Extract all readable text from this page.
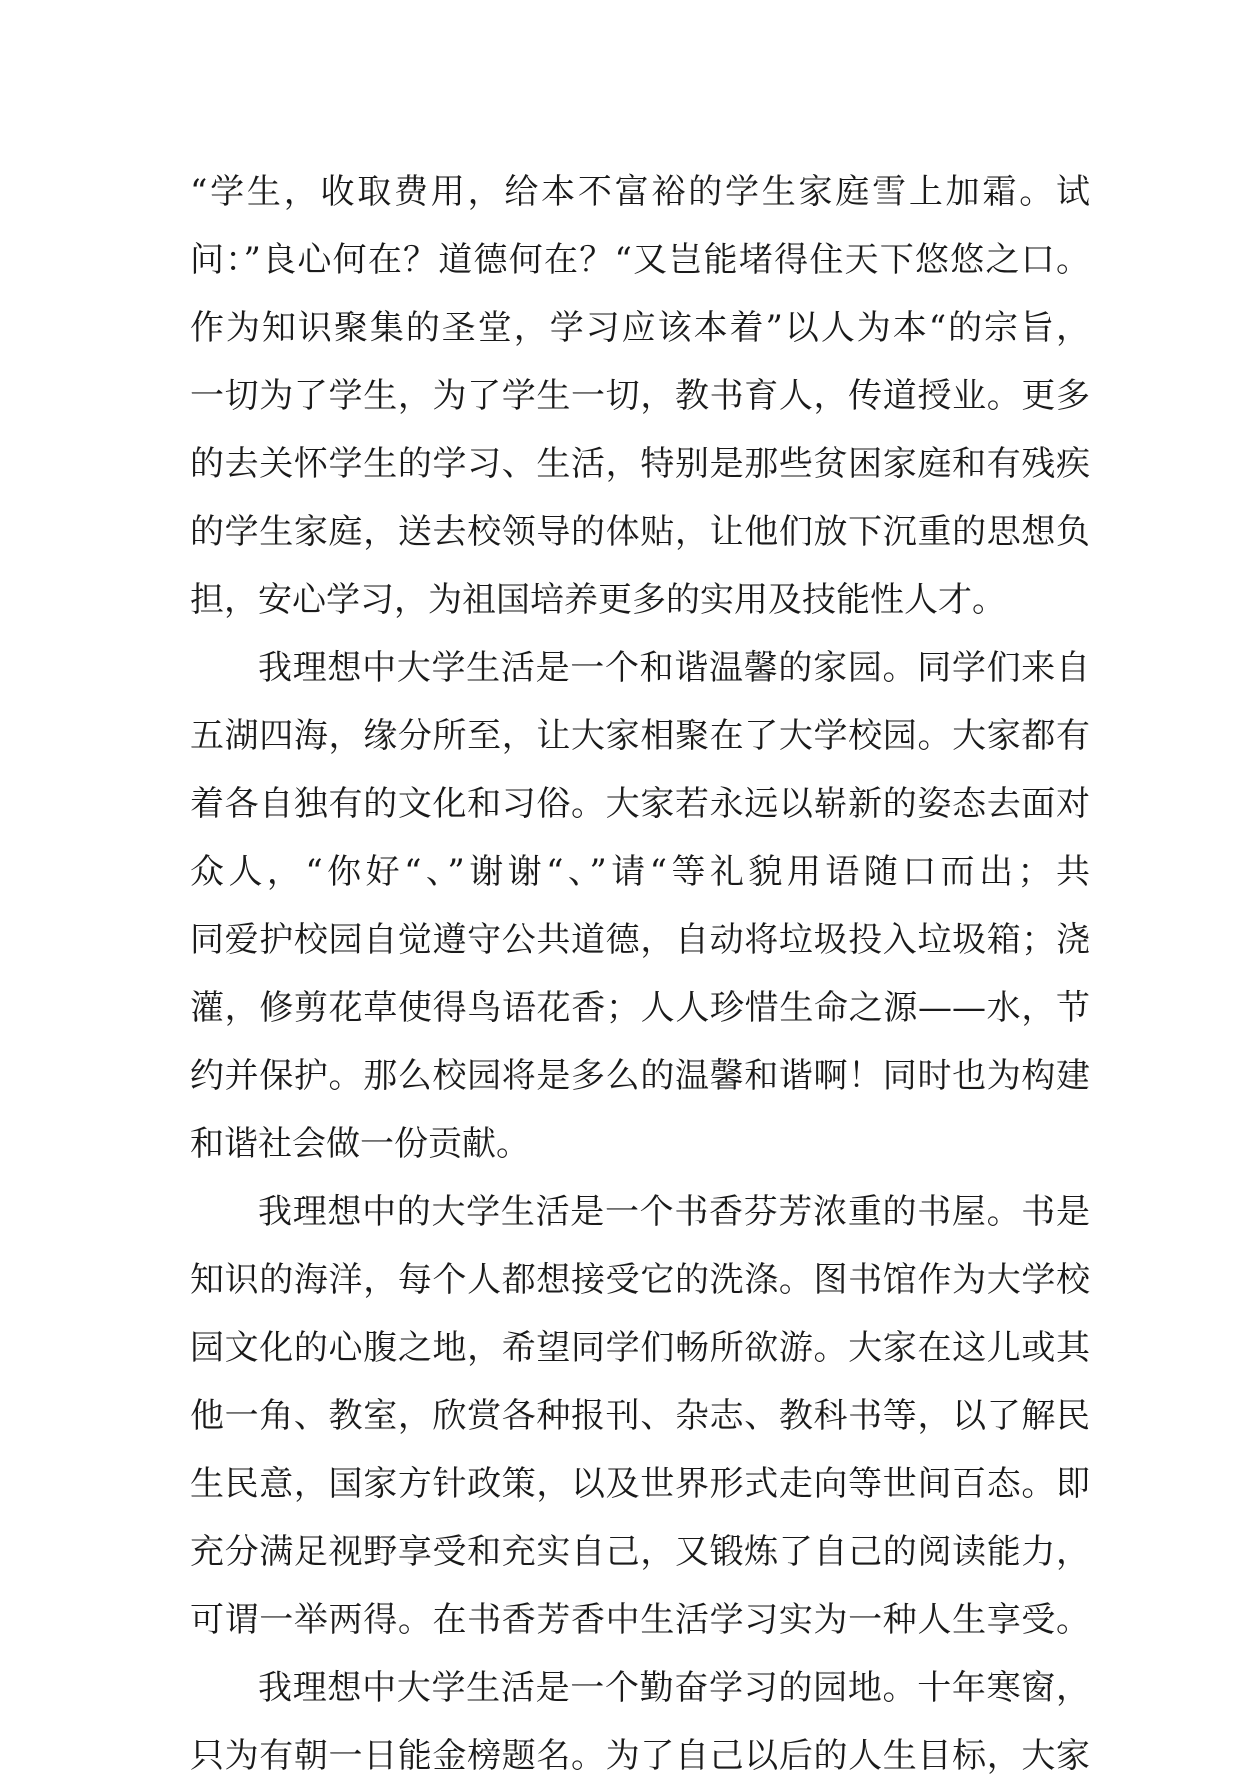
“学生，收取费用，给本不富裕的学生家庭雪上加霜。试
问：”良心何在？道德何在？“又岂能堵得住天下悠悠之口。
作为知识聚集的圣堂，学习应该本着”以人为本“的宗旨，
一切为了学生，为了学生一切，教书育人，传道授业。更多
的去关怀学生的学习、生活，特别是那些贫困家庭和有残疾
的学生家庭，送去校领导的体贴，让他们放下沉重的思想负
担，安心学习，为祖国培养更多的实用及技能性人才。
我理想中大学生活是一个和谐温馨的家园。同学们来自
五湖四海，缘分所至，让大家相聚在了大学校园。大家都有
着各自独有的文化和习俗。大家若永远以崭新的姿态去面对
众人，“你好“、”谢谢“、”请“等礼貌用语随口而出；共
同爱护校园自觉遵守公共道德，自动将垃圾投入垃圾箱；浇
灌，修剪花草使得鸟语花香；人人珍惜生命之源——水，节
约并保护。那么校园将是多么的温馨和谐啊！同时也为构建
和谐社会做一份贡献。
我理想中的大学生活是一个书香芬芳浓重的书屋。书是
知识的海洋，每个人都想接受它的洗涤。图书馆作为大学校
园文化的心腹之地，希望同学们畅所欲游。大家在这儿或其
他一角、教室，欣赏各种报刊、杂志、教科书等，以了解民
生民意，国家方针政策，以及世界形式走向等世间百态。即
充分满足视野享受和充实自己，又锻炼了自己的阅读能力，
可谓一举两得。在书香芳香中生活学习实为一种人生享受。
我理想中大学生活是一个勤奋学习的园地。十年寒窗，
只为有朝一日能金榜题名。为了自己以后的人生目标，大家
